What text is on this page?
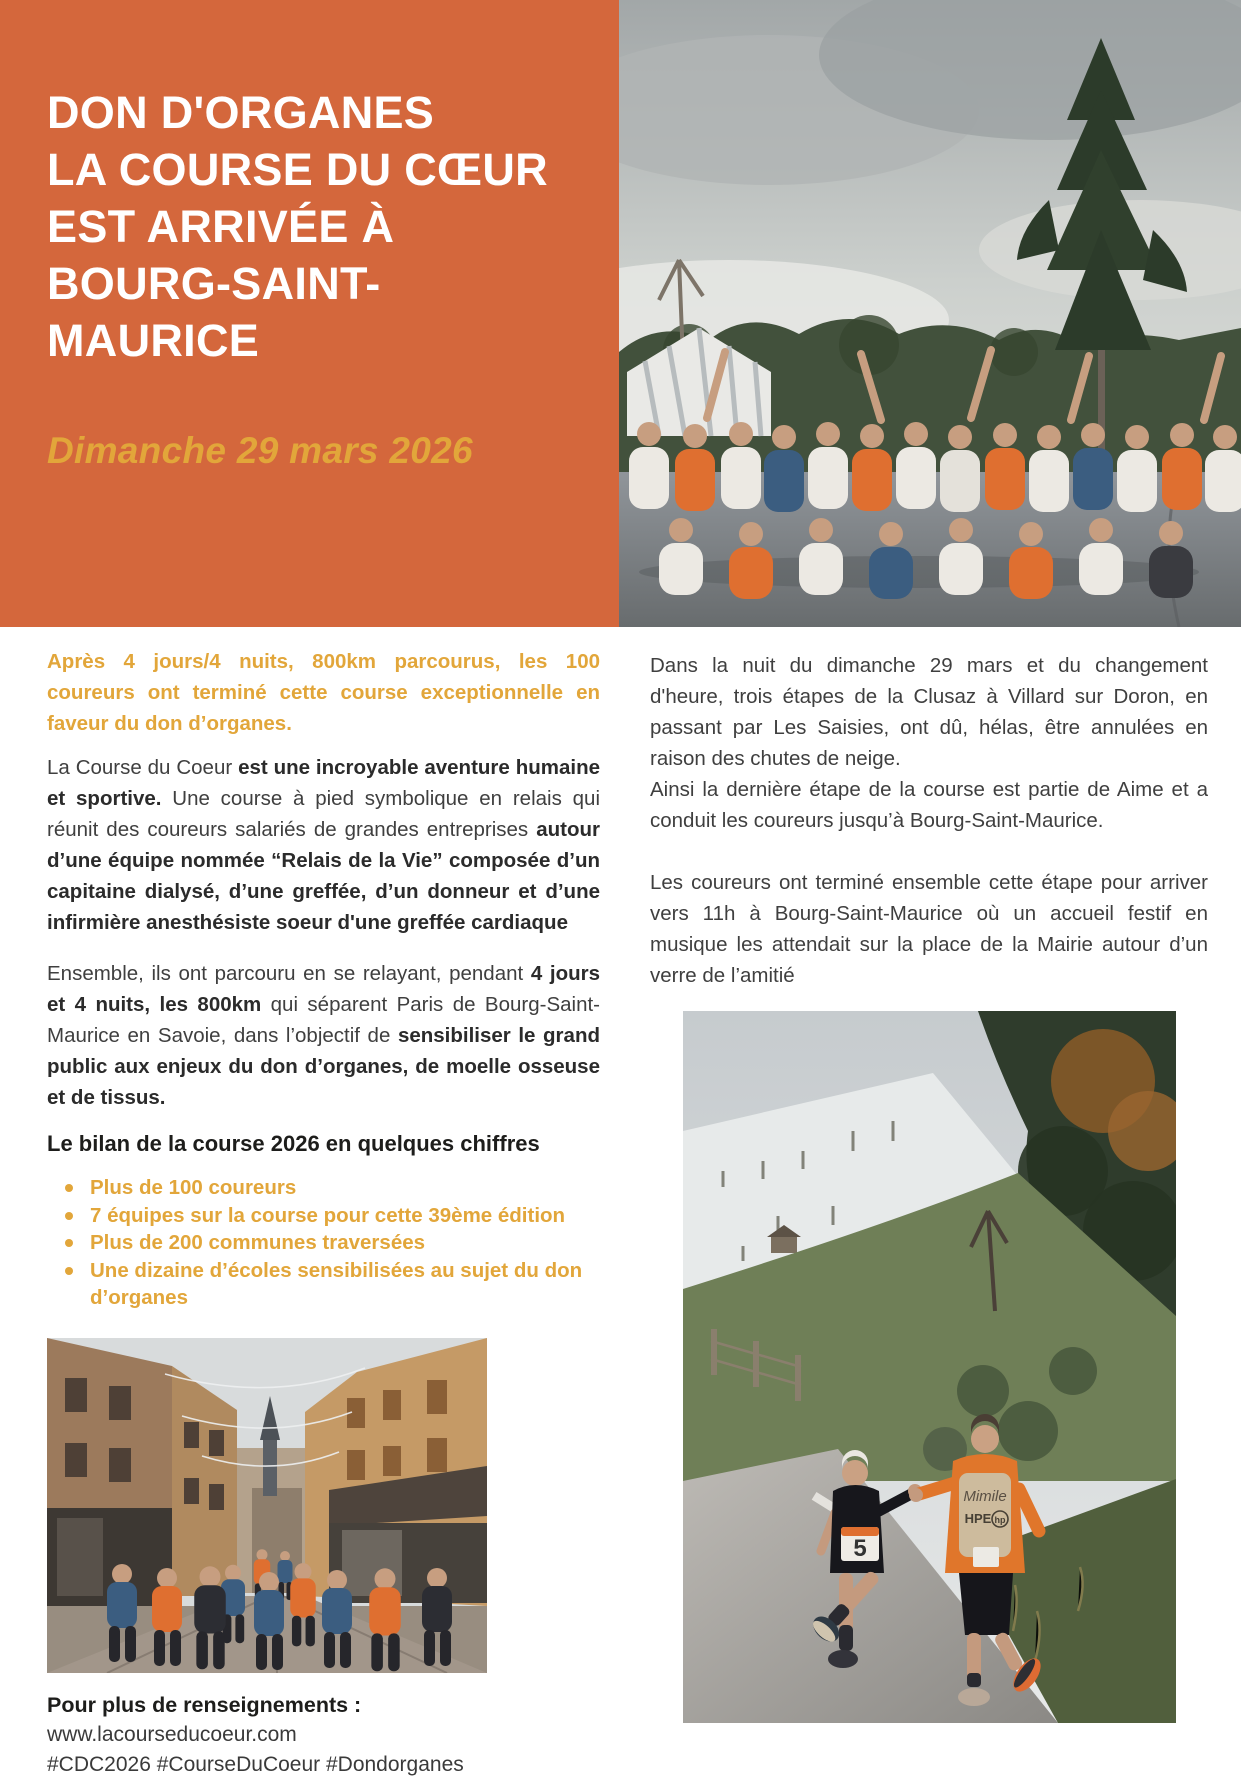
DON D'ORGANES
LA COURSE DU CŒUR
EST ARRIVÉE À
BOURG-SAINT-
MAURICE
Dimanche 29 mars 2026

Après 4 jours/4 nuits, 800km parcourus, les 100 coureurs ont terminé cette course exceptionnelle en faveur du don d’organes.

La Course du Coeur est une incroyable aventure humaine et sportive. Une course à pied symbolique en relais qui réunit des coureurs salariés de grandes entreprises autour d’une équipe nommée “Relais de la Vie” composée d’un capitaine dialysé, d’une greffée, d’un donneur et d’une infirmière anesthésiste soeur d'une greffée cardiaque

Ensemble, ils ont parcouru en se relayant, pendant 4 jours et 4 nuits, les 800km qui séparent Paris de Bourg-Saint-Maurice en Savoie, dans l’objectif de sensibiliser le grand public aux enjeux du don d’organes, de moelle osseuse et de tissus.

Le bilan de la course 2026 en quelques chiffres
Plus de 100 coureurs
7 équipes sur la course pour cette 39ème édition
Plus de 200 communes traversées
Une dizaine d’écoles sensibilisées au sujet du don d’organes
Pour plus de renseignements :
www.lacourseducoeur.com
#CDC2026 #CourseDuCoeur #Dondorganes

Dans la nuit du dimanche 29 mars et du changement d'heure, trois étapes de la Clusaz à Villard sur Doron, en passant par Les Saisies, ont dû, hélas, être annulées en raison des chutes de neige.

Ainsi la dernière étape de la course est partie de Aime et a conduit les coureurs jusqu’à Bourg-Saint-Maurice.

Les coureurs ont terminé ensemble cette étape pour arriver vers 11h à Bourg-Saint-Maurice où un accueil festif en musique les attendait sur la place de la Mairie autour d’un verre de l’amitié

5
Mimile
HPE hp
